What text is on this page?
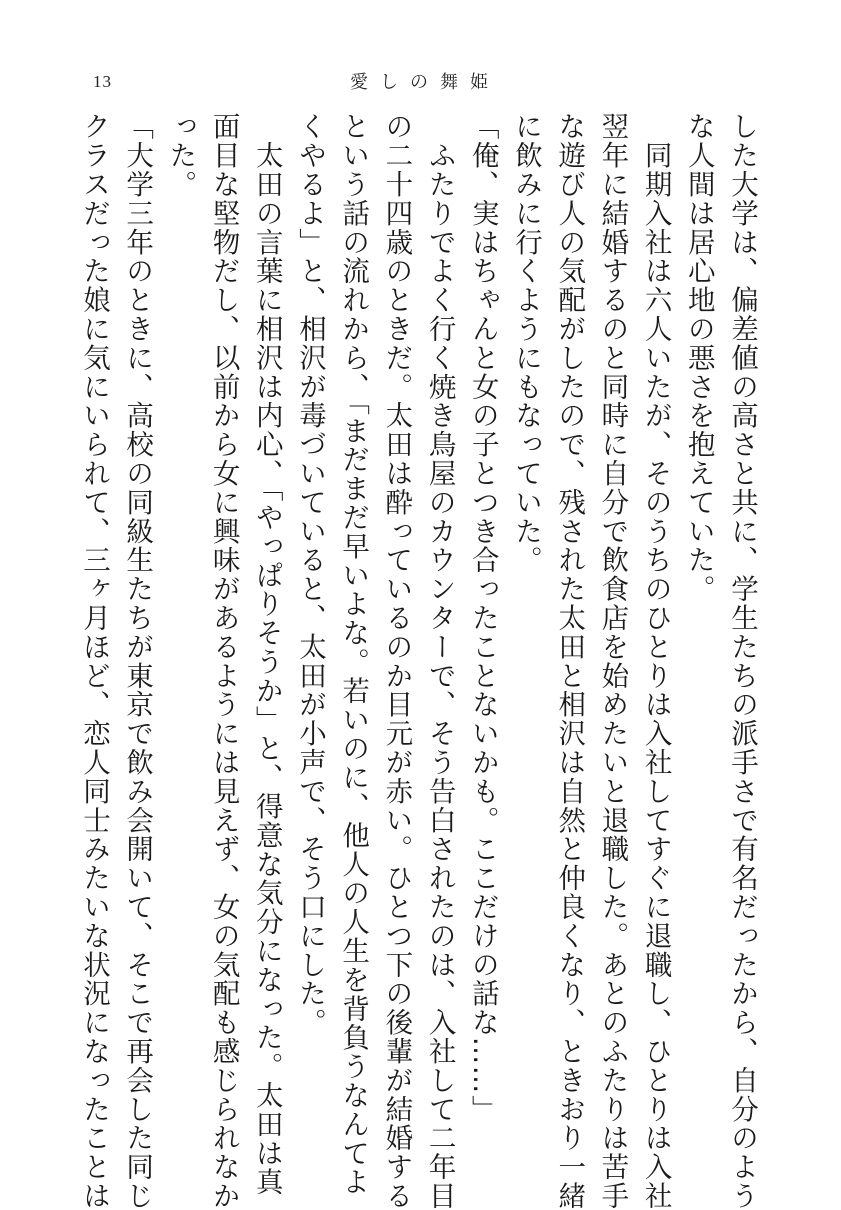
13	愛しの舞姫
した大学は、偏差値の高さと共に、学生たちの派手さで有名だったから、自分のよう
な人間は居心地の悪さを抱えていた。
　同期入社は六人いたが、そのうちのひとりは入社してすぐに退職し、ひとりは入社
翌年に結婚するのと同時に自分で飲食店を始めたいと退職した。あとのふたりは苦手
な遊び人の気配がしたので、残された太田と相沢は自然と仲良くなり、ときおり一緒
に飲みに行くようにもなっていた。
「俺、実はちゃんと女の子とつき合ったことないかも。ここだけの話な……」
　ふたりでよく行く焼き鳥屋のカウンターで、そう告白されたのは、入社して二年目
の二十四歳のときだ。太田は酔っているのか目元が赤い。ひとつ下の後輩が結婚する
という話の流れから、「まだまだ早いよな。若いのに、他人の人生を背負うなんてよ
くやるよ」と、相沢が毒づいていると、太田が小声で、そう口にした。
　太田の言葉に相沢は内心、「やっぱりそうか」と、得意な気分になった。太田は真
面目な堅物だし、以前から女に興味があるようには見えず、女の気配も感じられなか
った。
「大学三年のときに、高校の同級生たちが東京で飲み会開いて、そこで再会した同じ
クラスだった娘に気にいられて、三ヶ月ほど、恋人同士みたいな状況になったことは
